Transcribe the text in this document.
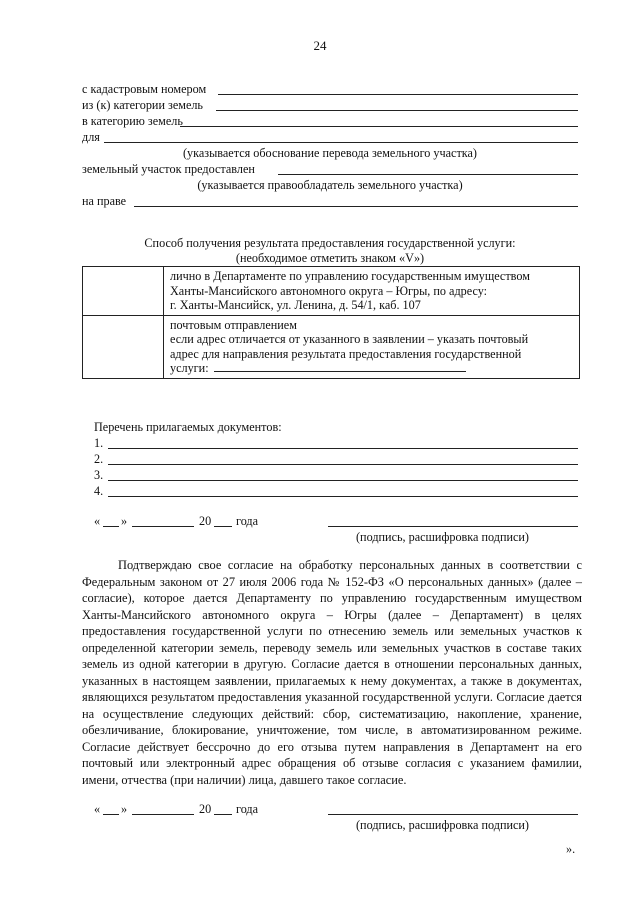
24
с кадастровым номером
из (к) категории земель
в категорию земель
для
(указывается обоснование перевода земельного участка)
земельный участок предоставлен
(указывается правообладатель земельного участка)
на праве
Способ получения результата предоставления государственной услуги:
(необходимое отметить знаком «V»)

	лично в Департаменте по управлению государственным имуществом
Ханты-Мансийского автономного округа – Югры, по адресу:
г. Ханты-Мансийск, ул. Ленина, д. 54/1, каб. 107

	почтовым отправлением
если адрес отличается от указанного в заявлении – указать почтовый
адрес для направления результата предоставления государственной
услуги:
Перечень прилагаемых документов:
1.
2.
3.
4.
« »	20 года
(подпись, расшифровка подписи)
Подтверждаю свое согласие на обработку персональных данных в соответствии с Федеральным законом от 27 июля 2006 года № 152-ФЗ «О персональных данных» (далее – согласие), которое дается Департаменту по управлению государственным имуществом Ханты-Мансийского автономного округа – Югры (далее – Департамент) в целях предоставления государственной услуги по отнесению земель или земельных участков к определенной категории земель, переводу земель или земельных участков в составе таких земель из одной категории в другую. Согласие дается в отношении персональных данных, указанных в настоящем заявлении, прилагаемых к нему документах, а также в документах, являющихся результатом предоставления указанной государственной услуги. Согласие дается на осуществление следующих действий: сбор, систематизацию, накопление, хранение, обезличивание, блокирование, уничтожение, том числе, в автоматизированном режиме. Согласие действует бессрочно до его отзыва путем направления в Департамент на его почтовый или электронный адрес обращения об отзыве согласия с указанием фамилии, имени, отчества (при наличии) лица, давшего такое согласие.
« »	20 года
(подпись, расшифровка подписи)
».
